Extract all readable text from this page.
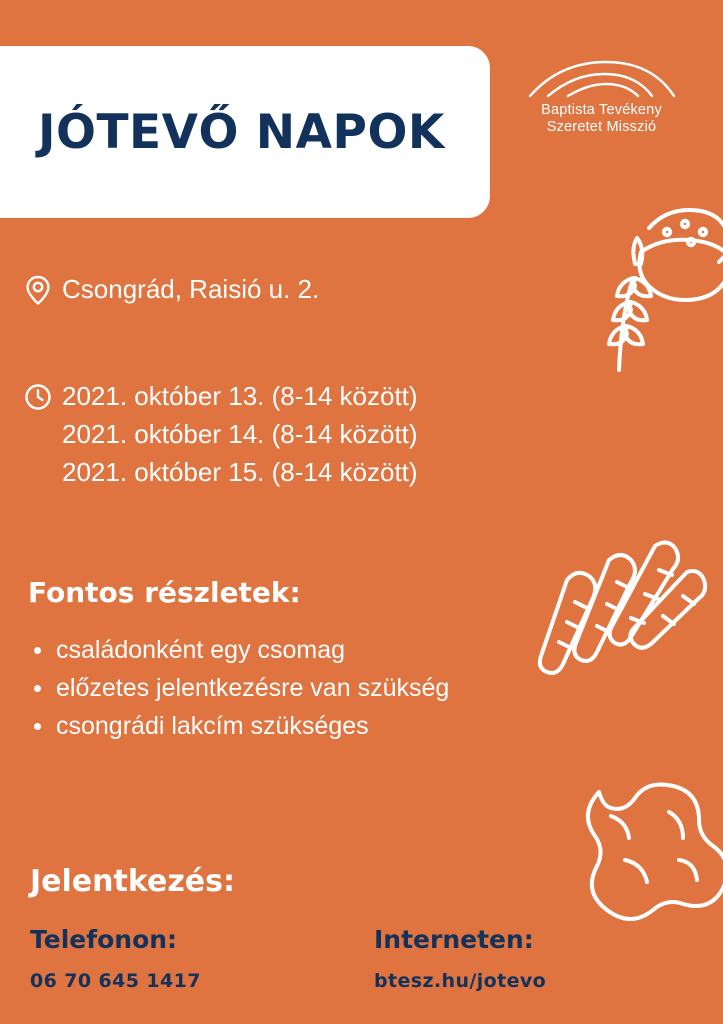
JÓTEVŐ NAPOK	Baptista Tevékeny
Szeretet Misszió
Csongrád, Raisió u. 2.
2021. október 13. (8-14 között)
2021. október 14. (8-14 között)
2021. október 15. (8-14 között)
Fontos részletek:
családonként egy csomag
előzetes jelentkezésre van szükség
csongrádi lakcím szükséges
Jelentkezés:
Telefonon:
06 70 645 1417
Interneten:
btesz.hu/jotevo
